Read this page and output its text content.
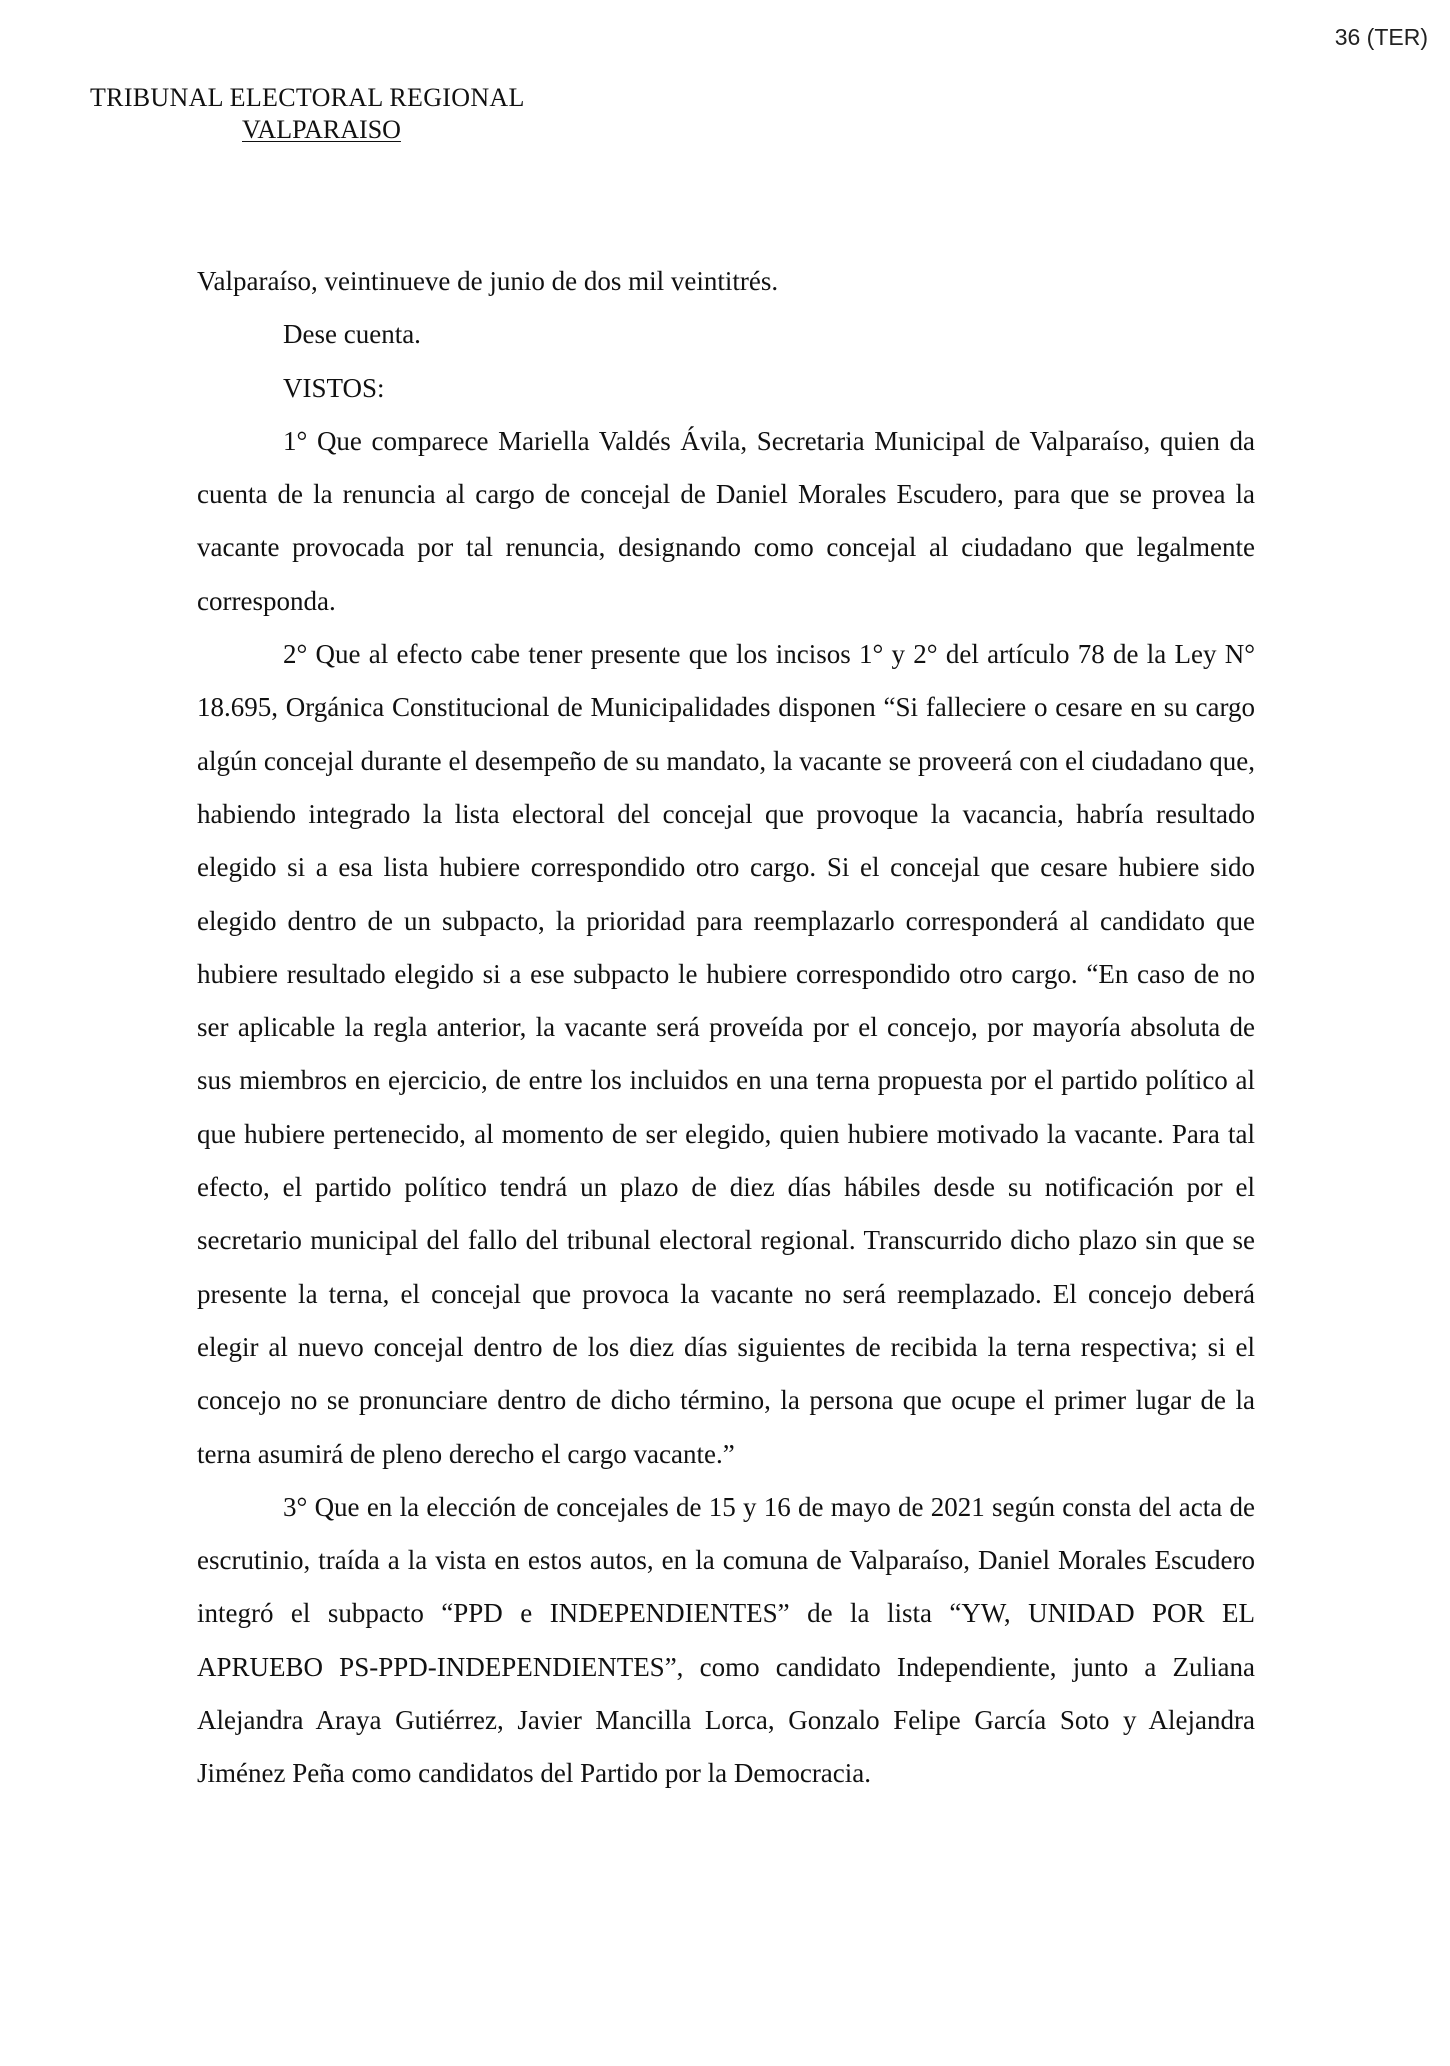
36 (TER)
TRIBUNAL ELECTORAL REGIONAL
VALPARAISO

Valparaíso, veintinueve de junio de dos mil veintitrés.

Dese cuenta.

VISTOS:

1° Que comparece Mariella Valdés Ávila, Secretaria Municipal de Valparaíso, quien da cuenta de la renuncia al cargo de concejal de Daniel Morales Escudero, para que se provea la vacante provocada por tal renuncia, designando como concejal al ciudadano que legalmente corresponda.

2° Que al efecto cabe tener presente que los incisos 1° y 2° del artículo 78 de la Ley N° 18.695, Orgánica Constitucional de Municipalidades disponen “Si falleciere o cesare en su cargo algún concejal durante el desempeño de su mandato, la vacante se proveerá con el ciudadano que, habiendo integrado la lista electoral del concejal que provoque la vacancia, habría resultado elegido si a esa lista hubiere correspondido otro cargo. Si el concejal que cesare hubiere sido elegido dentro de un subpacto, la prioridad para reemplazarlo corresponderá al candidato que hubiere resultado elegido si a ese subpacto le hubiere correspondido otro cargo. “En caso de no ser aplicable la regla anterior, la vacante será proveída por el concejo, por mayoría absoluta de sus miembros en ejercicio, de entre los incluidos en una terna propuesta por el partido político al que hubiere pertenecido, al momento de ser elegido, quien hubiere motivado la vacante. Para tal efecto, el partido político tendrá un plazo de diez días hábiles desde su notificación por el secretario municipal del fallo del tribunal electoral regional. Transcurrido dicho plazo sin que se presente la terna, el concejal que provoca la vacante no será reemplazado. El concejo deberá elegir al nuevo concejal dentro de los diez días siguientes de recibida la terna respectiva; si el concejo no se pronunciare dentro de dicho término, la persona que ocupe el primer lugar de la terna asumirá de pleno derecho el cargo vacante.”

3° Que en la elección de concejales de 15 y 16 de mayo de 2021 según consta del acta de escrutinio, traída a la vista en estos autos, en la comuna de Valparaíso, Daniel Morales Escudero integró el subpacto “PPD e INDEPENDIENTES” de la lista “YW, UNIDAD POR EL APRUEBO PS-PPD-INDEPENDIENTES”, como candidato Independiente, junto a Zuliana Alejandra Araya Gutiérrez, Javier Mancilla Lorca, Gonzalo Felipe García Soto y Alejandra Jiménez Peña como candidatos del Partido por la Democracia.
